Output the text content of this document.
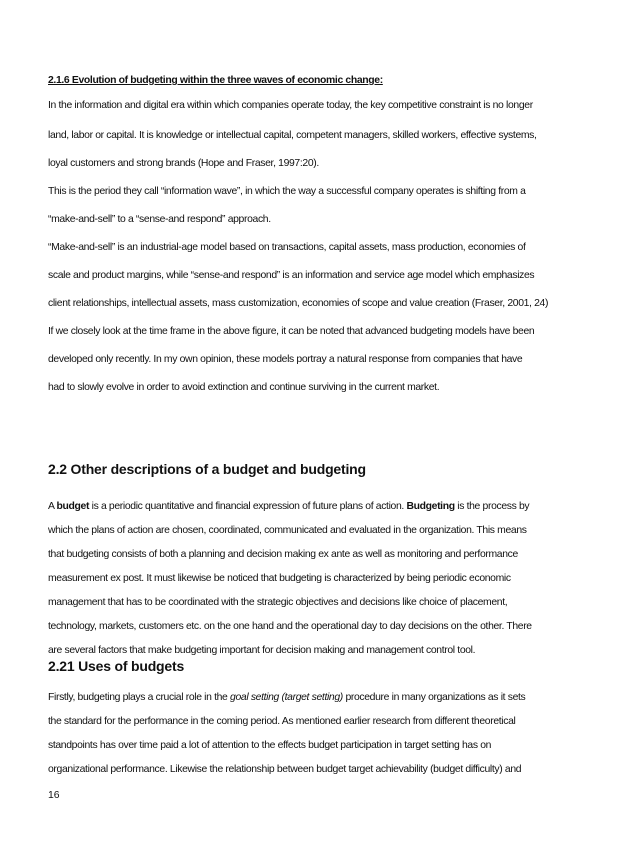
2.1.6 Evolution of budgeting within the three waves of economic change:
In the information and digital era within which companies operate today, the key competitive constraint is no longer
land, labor or capital. It is knowledge or intellectual capital, competent managers, skilled workers, effective systems,
loyal customers and strong brands (Hope and Fraser, 1997:20).
This is the period they call “information wave”, in which the way a successful company operates is shifting from a
“make-and-sell” to a “sense-and respond” approach.
“Make-and-sell” is an industrial-age model based on transactions, capital assets, mass production, economies of
scale and product margins, while “sense-and respond” is an information and service age model which emphasizes
client relationships, intellectual assets, mass customization, economies of scope and value creation (Fraser, 2001, 24)
If we closely look at the time frame in the above figure, it can be noted that advanced budgeting models have been
developed only recently. In my own opinion, these models portray a natural response from companies that have
had to slowly evolve in order to avoid extinction and continue surviving in the current market.
2.2 Other descriptions of a budget and budgeting
A budget is a periodic quantitative and financial expression of future plans of action. Budgeting is the process by
which the plans of action are chosen, coordinated, communicated and evaluated in the organization. This means
that budgeting consists of both a planning and decision making ex ante as well as monitoring and performance
measurement ex post. It must likewise be noticed that budgeting is characterized by being periodic economic
management that has to be coordinated with the strategic objectives and decisions like choice of placement,
technology, markets, customers etc. on the one hand and the operational day to day decisions on the other. There
are several factors that make budgeting important for decision making and management control tool.
2.21 Uses of budgets
Firstly, budgeting plays a crucial role in the goal setting (target setting) procedure in many organizations as it sets
the standard for the performance in the coming period. As mentioned earlier research from different theoretical
standpoints has over time paid a lot of attention to the effects budget participation in target setting has on
organizational performance. Likewise the relationship between budget target achievability (budget difficulty) and
16
